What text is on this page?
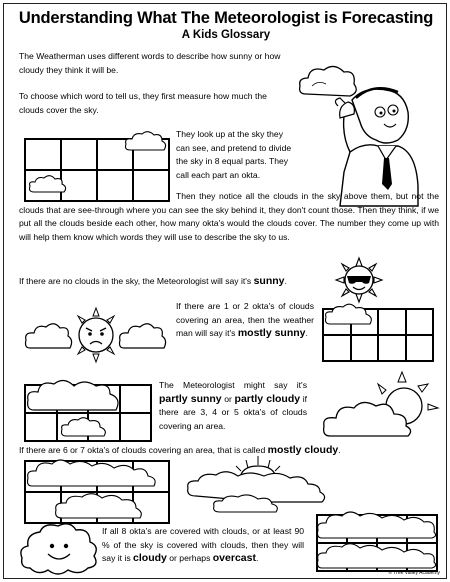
Understanding What The Meteorologist is Forecasting
A Kids Glossary

The Weatherman uses different words to describe how sunny or how cloudy they think it will be.

To choose which word to tell us, they first measure how much the clouds cover the sky.

They look up at the sky they can see, and pretend to divide the sky in 8 equal parts. They call each part an okta.

Then they notice all the clouds in the sky above them, but not the clouds that are see-through where you can see the sky behind it, they don't count those. Then they think, if we put all the clouds beside each other, how many okta's would the clouds cover. The number they come up with will help them know which words they will use to describe the sky to us.

If there are no clouds in the sky, the Meteorologist will say it's sunny.

If there are 1 or 2 okta's of clouds covering an area, then the weather man will say it's mostly sunny.

The Meteorologist might say it's partly sunny or partly cloudy if there are 3, 4 or 5 okta's of clouds covering an area.

If there are 6 or 7 okta's of clouds covering an area, that is called mostly cloudy.

If all 8 okta's are covered with clouds, or at least 90 % of the sky is covered with clouds, then they will say it is cloudy or perhaps overcast.
© Tree Valley Academy
